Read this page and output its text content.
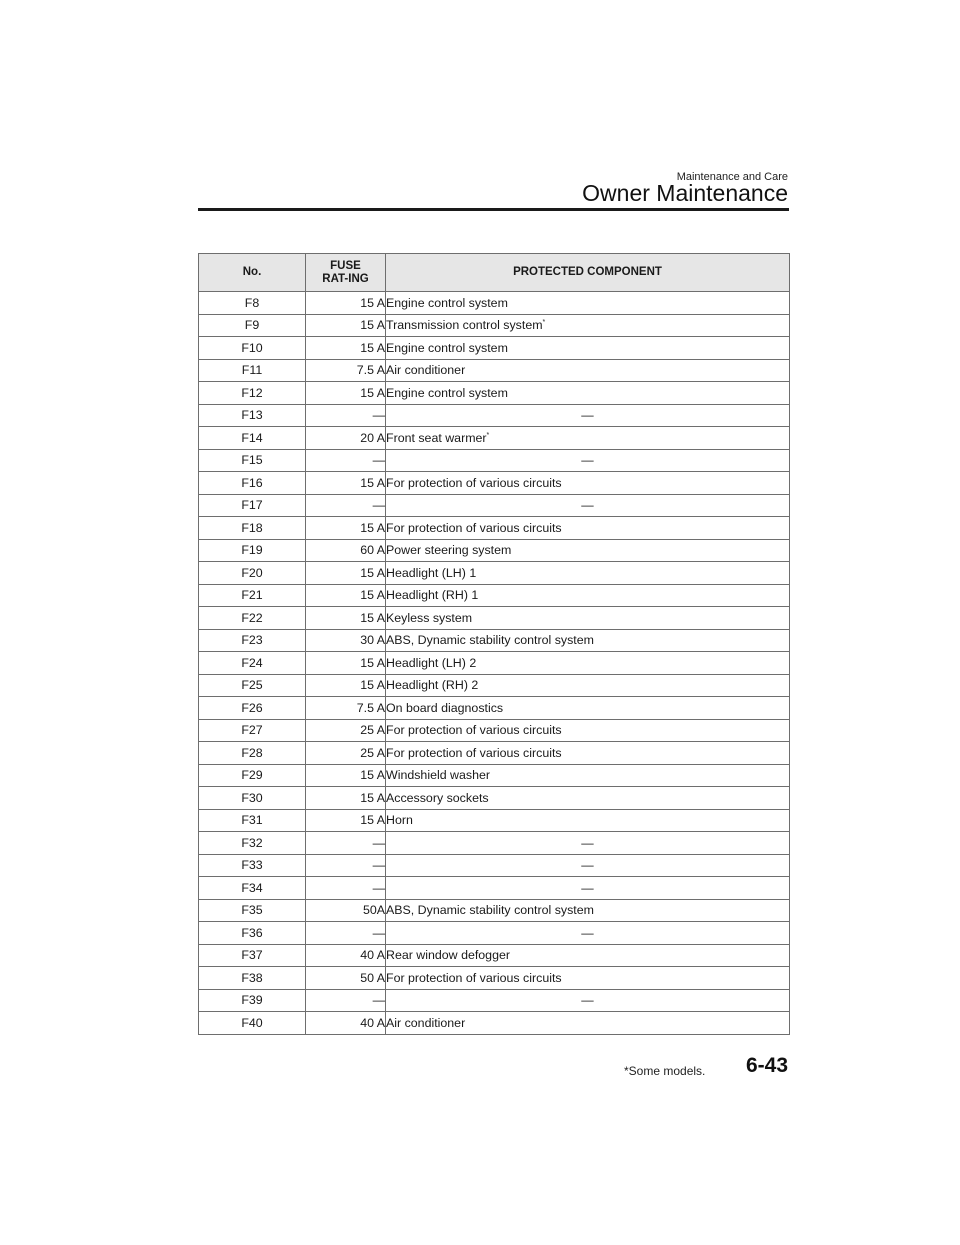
Maintenance and Care
Owner Maintenance
No.	FUSE RAT-ING	PROTECTED COMPONENT
F8	15 A	Engine control system
F9	15 A	Transmission control system*
F10	15 A	Engine control system
F11	7.5 A	Air conditioner
F12	15 A	Engine control system
F13	—	—
F14	20 A	Front seat warmer*
F15	—	—
F16	15 A	For protection of various circuits
F17	—	—
F18	15 A	For protection of various circuits
F19	60 A	Power steering system
F20	15 A	Headlight (LH) 1
F21	15 A	Headlight (RH) 1
F22	15 A	Keyless system
F23	30 A	ABS, Dynamic stability control system
F24	15 A	Headlight (LH) 2
F25	15 A	Headlight (RH) 2
F26	7.5 A	On board diagnostics
F27	25 A	For protection of various circuits
F28	25 A	For protection of various circuits
F29	15 A	Windshield washer
F30	15 A	Accessory sockets
F31	15 A	Horn
F32	—	—
F33	—	—
F34	—	—
F35	50A	ABS, Dynamic stability control system
F36	—	—
F37	40 A	Rear window defogger
F38	50 A	For protection of various circuits
F39	—	—
F40	40 A	Air conditioner
*Some models. 6-43
